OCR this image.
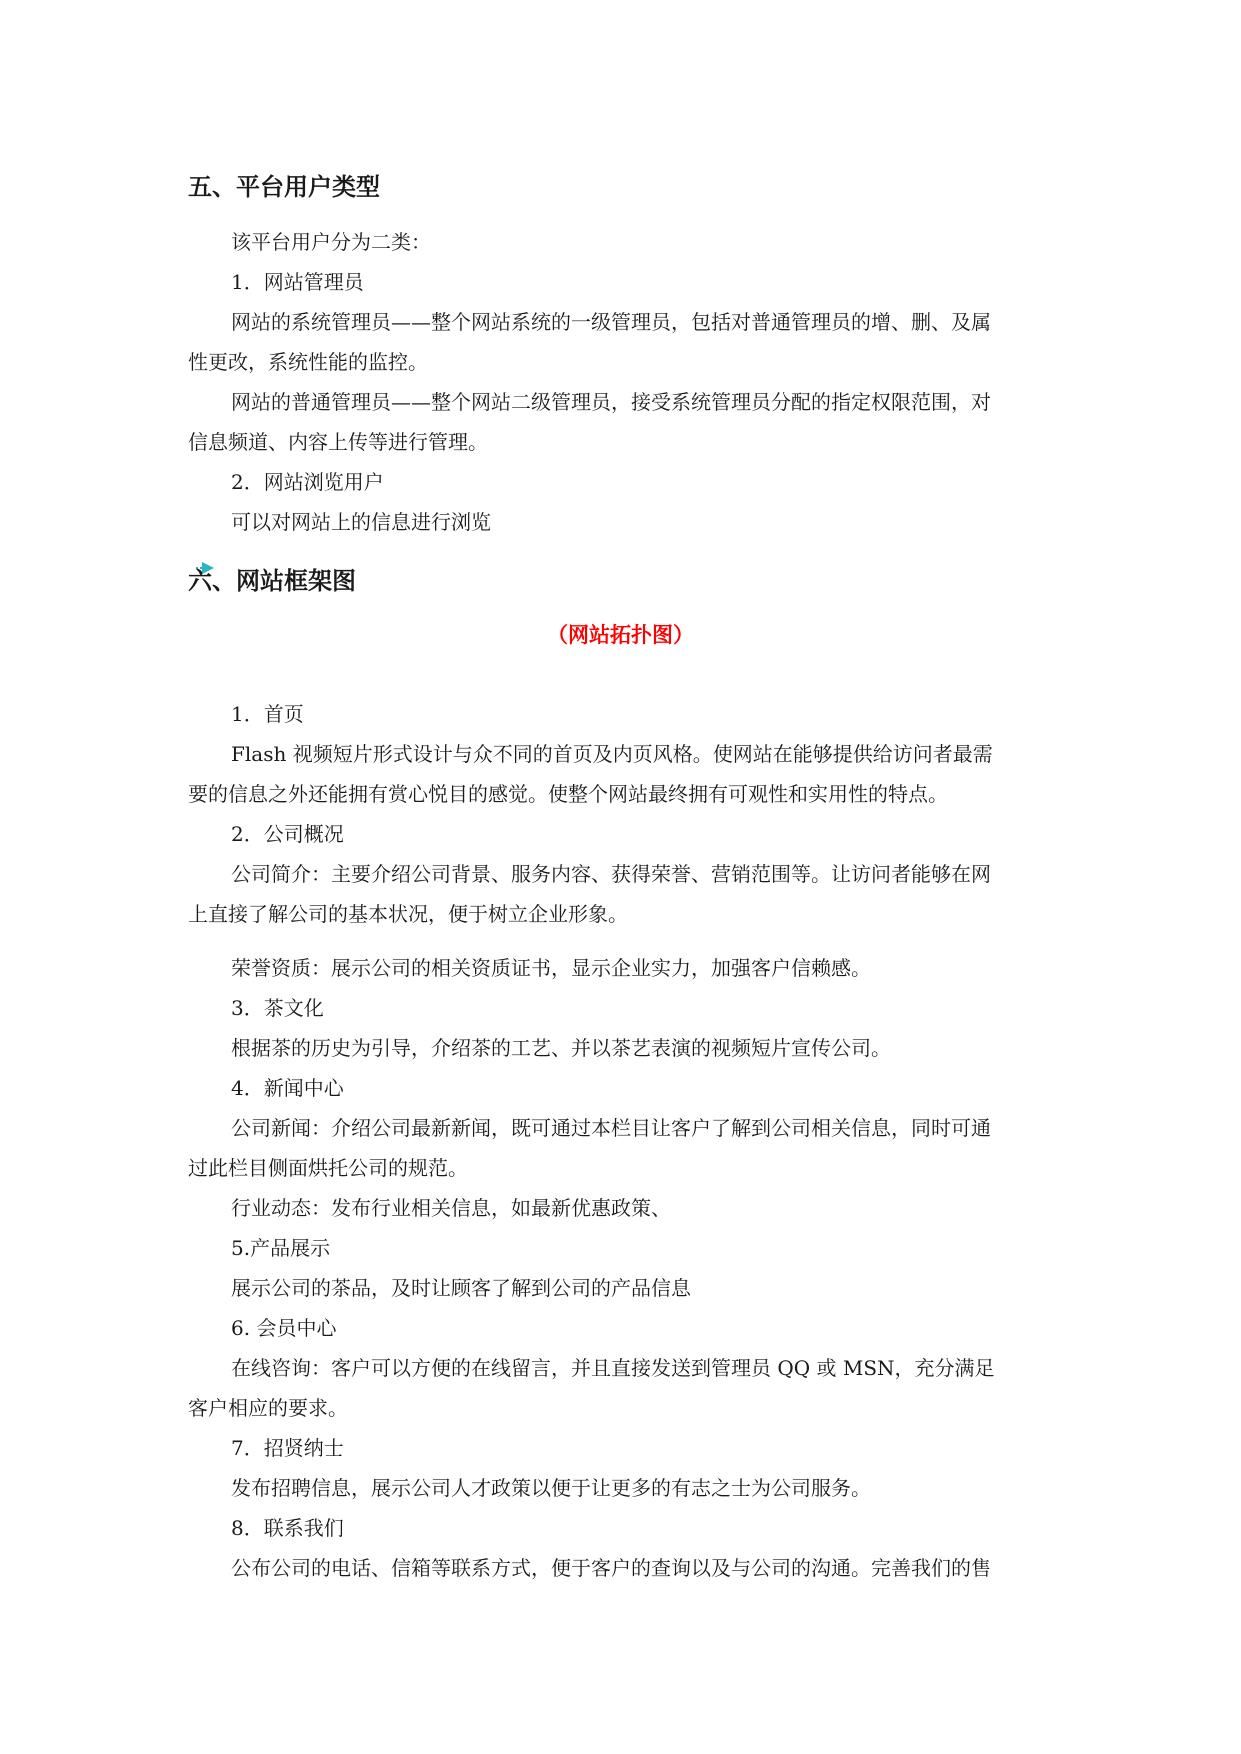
五、平台用户类型

该平台用户分为二类：

1．网站管理员

网站的系统管理员——整个网站系统的一级管理员，包括对普通管理员的增、删、及属

性更改，系统性能的监控。

网站的普通管理员——整个网站二级管理员，接受系统管理员分配的指定权限范围，对

信息频道、内容上传等进行管理。

2．网站浏览用户

可以对网站上的信息进行浏览

六、网站框架图

（网站拓扑图）

1．首页

Flash 视频短片形式设计与众不同的首页及内页风格。使网站在能够提供给访问者最需

要的信息之外还能拥有赏心悦目的感觉。使整个网站最终拥有可观性和实用性的特点。

2．公司概况

公司简介：主要介绍公司背景、服务内容、获得荣誉、营销范围等。让访问者能够在网

上直接了解公司的基本状况，便于树立企业形象。

荣誉资质：展示公司的相关资质证书，显示企业实力，加强客户信赖感。

3．茶文化

根据茶的历史为引导，介绍茶的工艺、并以茶艺表演的视频短片宣传公司。

4．新闻中心

公司新闻：介绍公司最新新闻，既可通过本栏目让客户了解到公司相关信息，同时可通

过此栏目侧面烘托公司的规范。

行业动态：发布行业相关信息，如最新优惠政策、

5.产品展示

展示公司的茶品，及时让顾客了解到公司的产品信息

6. 会员中心

在线咨询：客户可以方便的在线留言，并且直接发送到管理员 QQ 或 MSN，充分满足

客户相应的要求。

7．招贤纳士

发布招聘信息，展示公司人才政策以便于让更多的有志之士为公司服务。

8．联系我们

公布公司的电话、信箱等联系方式，便于客户的查询以及与公司的沟通。完善我们的售
